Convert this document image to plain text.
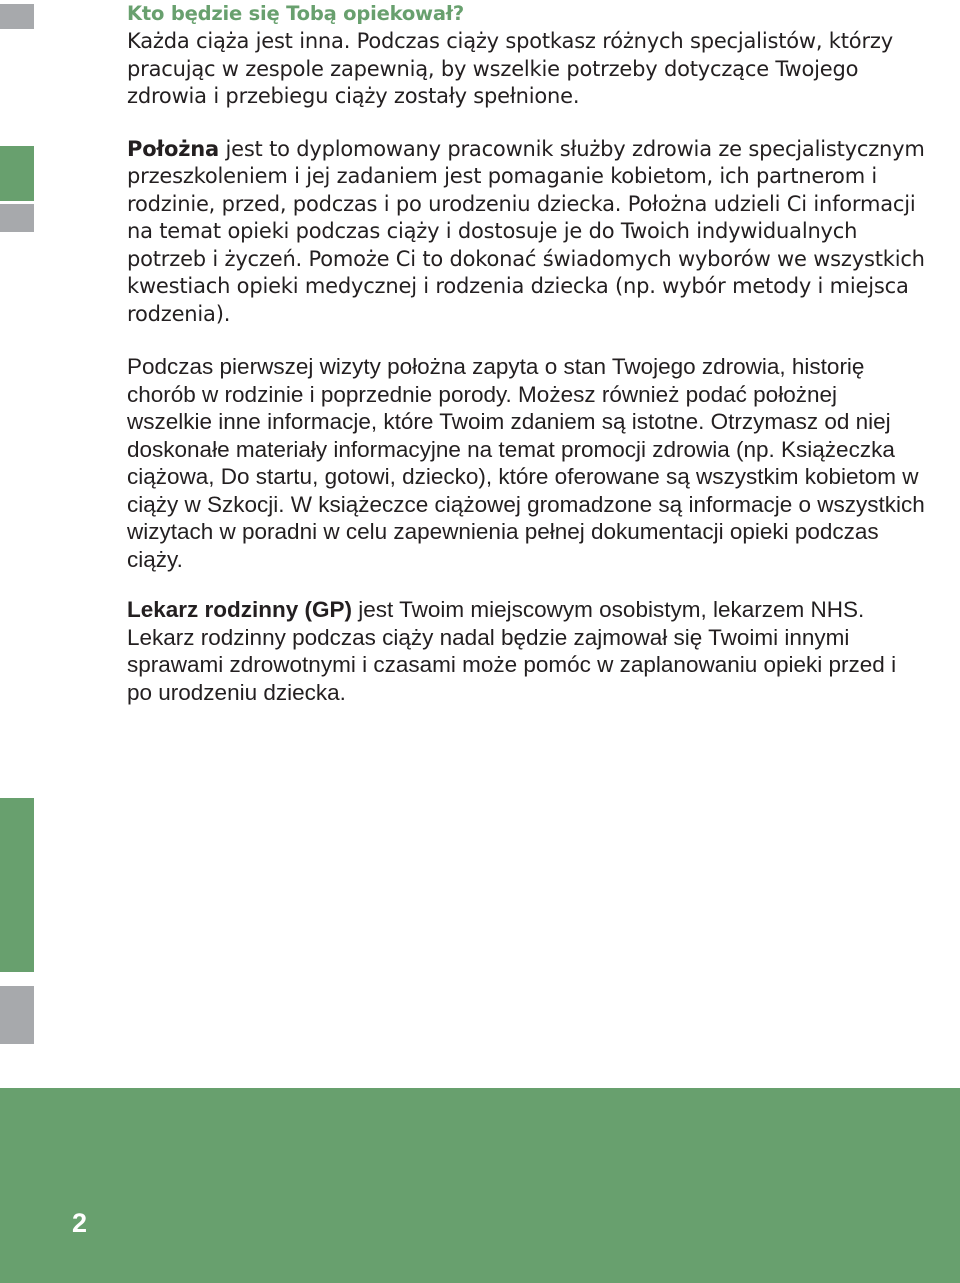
Kto będzie się Tobą opiekował?

Każda ciąża jest inna. Podczas ciąży spotkasz różnych specjalistów, którzy pracując w zespole zapewnią, by wszelkie potrzeby dotyczące Twojego zdrowia i przebiegu ciąży zostały spełnione.

Położna jest to dyplomowany pracownik służby zdrowia ze specjalistycznym przeszkoleniem i jej zadaniem jest pomaganie kobietom, ich partnerom i rodzinie, przed, podczas i po urodzeniu dziecka. Położna udzieli Ci informacji na temat opieki podczas ciąży i dostosuje je do Twoich indywidualnych potrzeb i życzeń. Pomoże Ci to dokonać świadomych wyborów we wszystkich kwestiach opieki medycznej i rodzenia dziecka (np. wybór metody i miejsca rodzenia).

Podczas pierwszej wizyty położna zapyta o stan Twojego zdrowia, historię chorób w rodzinie i poprzednie porody. Możesz również podać położnej wszelkie inne informacje, które Twoim zdaniem są istotne. Otrzymasz od niej doskonałe materiały informacyjne na temat promocji zdrowia (np. Książeczka ciążowa, Do startu, gotowi, dziecko), które oferowane są wszystkim kobietom w ciąży w Szkocji. W książeczce ciążowej gromadzone są informacje o wszystkich wizytach w poradni w celu zapewnienia pełnej dokumentacji opieki podczas ciąży.

Lekarz rodzinny (GP) jest Twoim miejscowym osobistym, lekarzem NHS. Lekarz rodzinny podczas ciąży nadal będzie zajmował się Twoimi innymi sprawami zdrowotnymi i czasami może pomóc w zaplanowaniu opieki przed i po urodzeniu dziecka.

2
